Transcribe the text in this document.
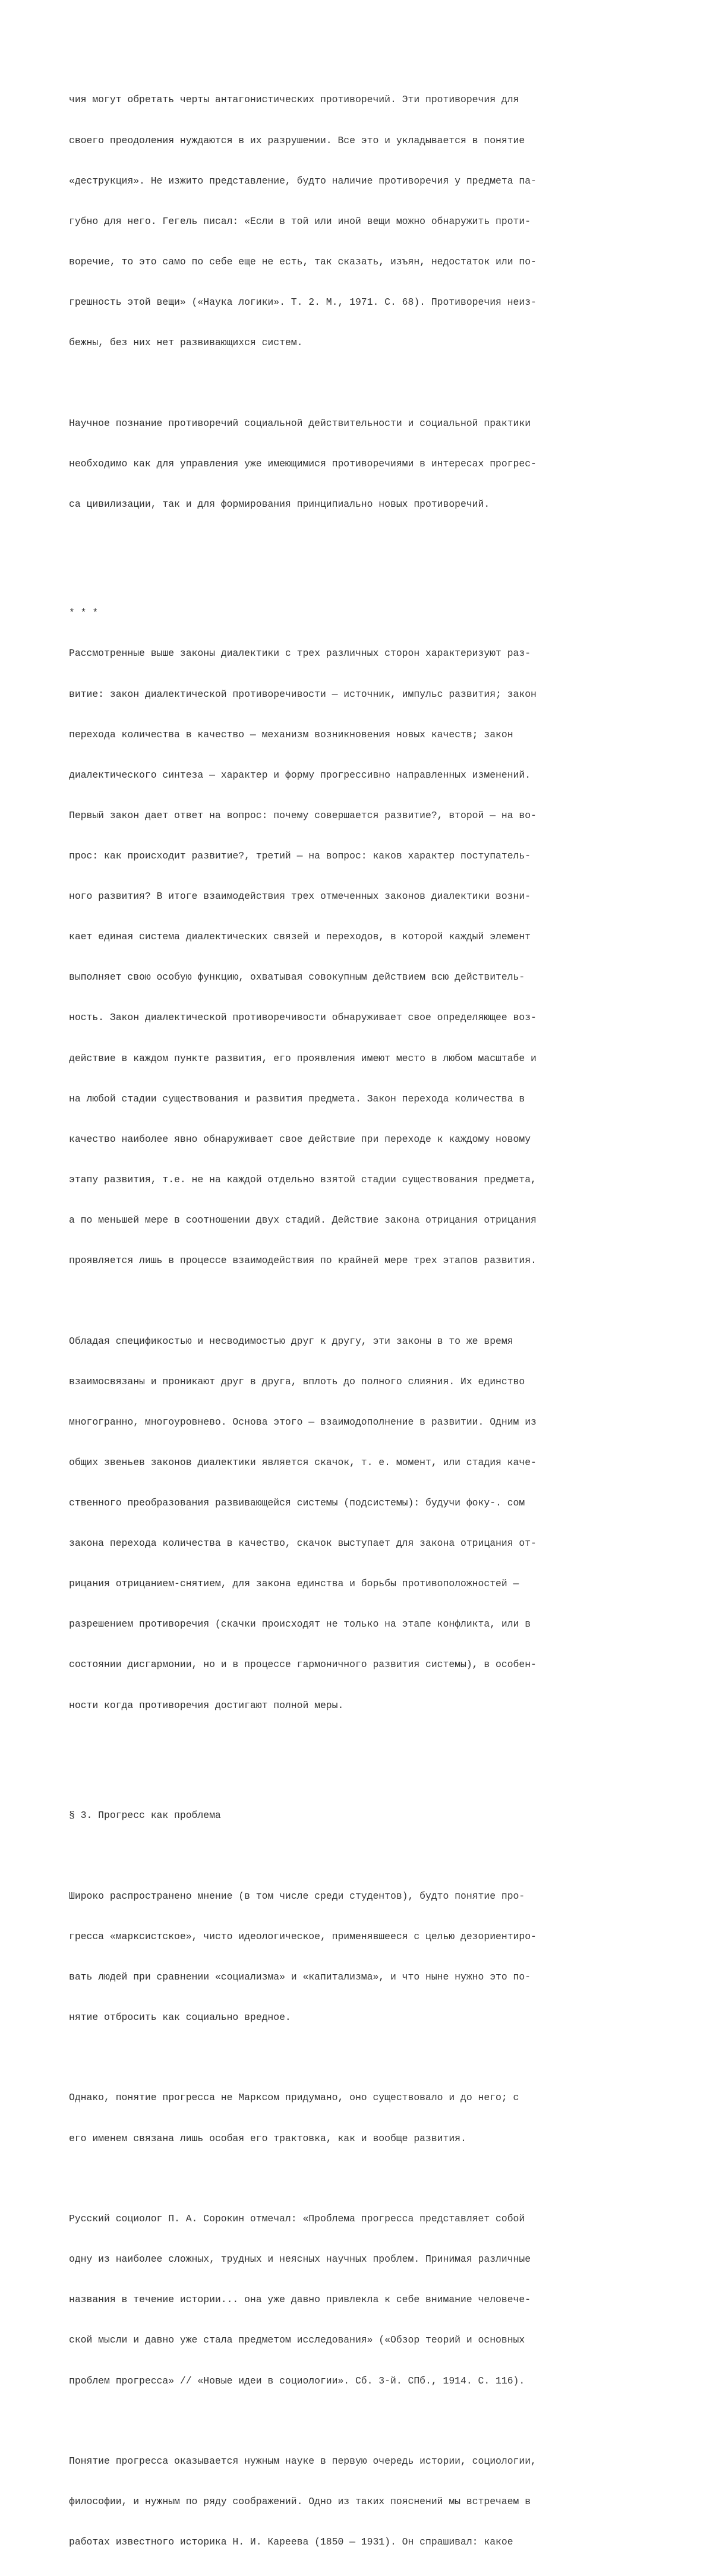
чия могут обретать черты антагонистических противоречий. Эти противоречия для

своего преодоления нуждаются в их разрушении. Все это и укладывается в понятие

«деструкция». Не изжито представление, будто наличие противоречия у предмета па-

губно для него. Гегель писал: «Если в той или иной вещи можно обнаружить проти-

воречие, то это само по себе еще не есть, так сказать, изъян, недостаток или по-

грешность этой вещи» («Наука логики». Т. 2. М., 1971. С. 68). Противоречия неиз-

бежны, без них нет развивающихся систем.

Научное познание противоречий социальной действительности и социальной практики

необходимо как для управления уже имеющимися противоречиями в интересах прогрес-

са цивилизации, так и для формирования принципиально новых противоречий.

* * *

Рассмотренные выше законы диалектики с трех различных сторон характеризуют раз-

витие: закон диалектической противоречивости — источник, импульс развития; закон

перехода количества в качество — механизм возникновения новых качеств; закон

диалектического синтеза — характер и форму прогрессивно направленных изменений.

Первый закон дает ответ на вопрос: почему совершается развитие?, второй — на во-

прос: как происходит развитие?, третий — на вопрос: каков характер поступатель-

ного развития? В итоге взаимодействия трех отмеченных законов диалектики возни-

кает единая система диалектических связей и переходов, в которой каждый элемент

выполняет свою особую функцию, охватывая совокупным действием всю действитель-

ность. Закон диалектической противоречивости обнаруживает свое определяющее воз-

действие в каждом пункте развития, его проявления имеют место в любом масштабе и

на любой стадии существования и развития предмета. Закон перехода количества в

качество наиболее явно обнаруживает свое действие при переходе к каждому новому

этапу развития, т.е. не на каждой отдельно взятой стадии существования предмета,

а по меньшей мере в соотношении двух стадий. Действие закона отрицания отрицания

проявляется лишь в процессе взаимодействия по крайней мере трех этапов развития.

Обладая спецификостью и несводимостью друг к другу, эти законы в то же время

взаимосвязаны и проникают друг в друга, вплоть до полного слияния. Их единство

многогранно, многоуровнево. Основа этого — взаимодополнение в развитии. Одним из

общих звеньев законов диалектики является скачок, т. е. момент, или стадия каче-

ственного преобразования развивающейся системы (подсистемы): будучи фоку-. сом

закона перехода количества в качество, скачок выступает для закона отрицания от-

рицания отрицанием-снятием, для закона единства и борьбы противоположностей —

разрешением противоречия (скачки происходят не только на этапе конфликта, или в

состоянии дисгармонии, но и в процессе гармоничного развития системы), в особен-

ности когда противоречия достигают полной меры.

§ 3. Прогресс как проблема

Широко распространено мнение (в том числе среди студентов), будто понятие про-

гресса «марксистское», чисто идеологическое, применявшееся с целью дезориентиро-

вать людей при сравнении «социализма» и «капитализма», и что ныне нужно это по-

нятие отбросить как социально вредное.

Однако, понятие прогресса не Марксом придумано, оно существовало и до него; с

его именем связана лишь особая его трактовка, как и вообще развития.

Русский социолог П. А. Сорокин отмечал: «Проблема прогресса представляет собой

одну из наиболее сложных, трудных и неясных научных проблем. Принимая различные

названия в течение истории... она уже давно привлекла к себе внимание человече-

ской мысли и давно уже стала предметом исследования» («Обзор теорий и основных

проблем прогресса» // «Новые идеи в социологии». Сб. 3-й. СПб., 1914. С. 116).

Понятие прогресса оказывается нужным науке в первую очередь истории, социологии,

философии, и нужным по ряду соображений. Одно из таких пояснений мы встречаем в

работах известного историка Н. И. Кареева (1850 — 1931). Он спрашивал: какое
